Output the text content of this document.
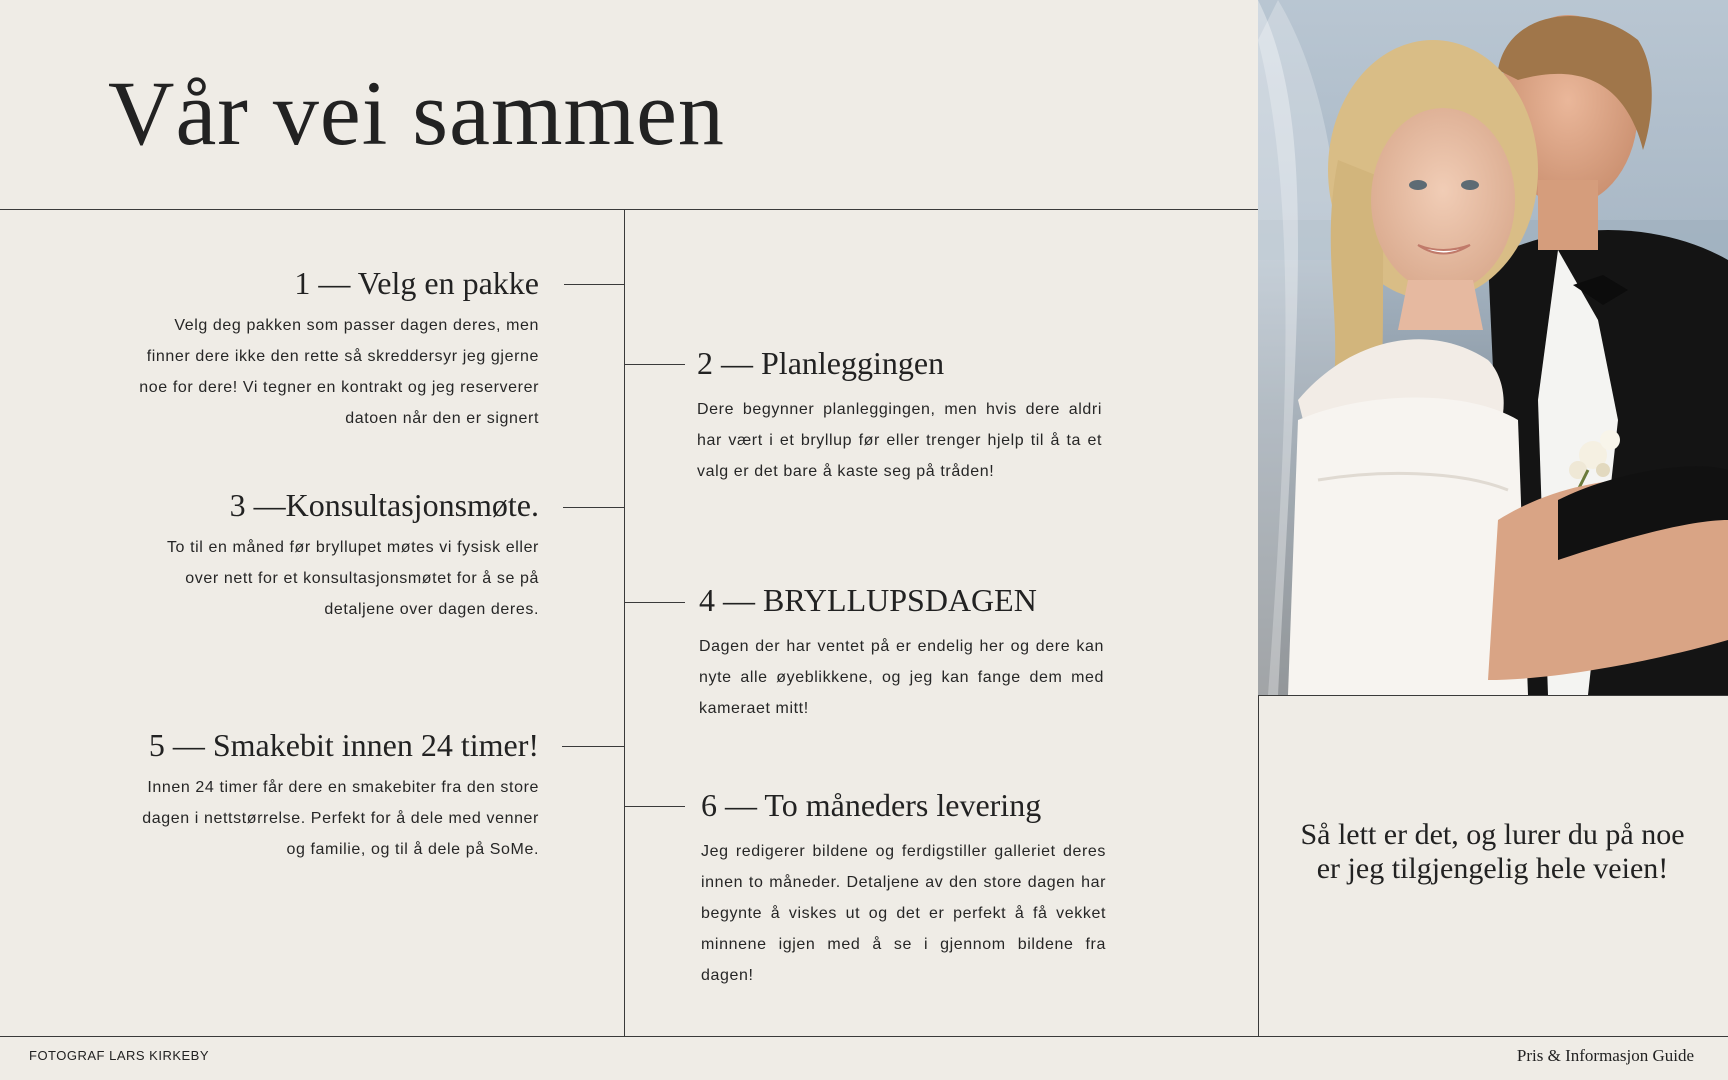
Vår vei sammen
1 — Velg en pakke

Velg deg pakken som passer dagen deres, men finner dere ikke den rette så skreddersyr jeg gjerne noe for dere! Vi tegner en kontrakt og jeg reserverer datoen når den er signert

2 — Planleggingen

Dere begynner planleggingen, men hvis dere aldri har vært i et bryllup før eller trenger hjelp til å ta et valg er det bare å kaste seg på tråden!

3 —Konsultasjonsmøte.

To til en måned før bryllupet møtes vi fysisk eller over nett for et konsultasjonsmøtet for å se på detaljene over dagen deres.	4 — BRYLLUPSDAGEN

Dagen der har ventet på er endelig her og dere kan nyte alle øyeblikkene, og jeg kan fange dem med kameraet mitt!

5 — Smakebit innen 24 timer!

Innen 24 timer får dere en smakebiter fra den store dagen i nettstørrelse. Perfekt for å dele med venner og familie, og til å dele på SoMe.

6 — To måneders levering

Jeg redigerer bildene og ferdigstiller galleriet deres innen to måneder. Detaljene av den store dagen har begynte å viskes ut og det er perfekt å få vekket minnene igjen med å se i gjennom bildene fra dagen!

Så lett er det, og lurer du på noe er jeg tilgjengelig hele veien!
FOTOGRAF LARS KIRKEBY	Pris & Informasjon Guide
